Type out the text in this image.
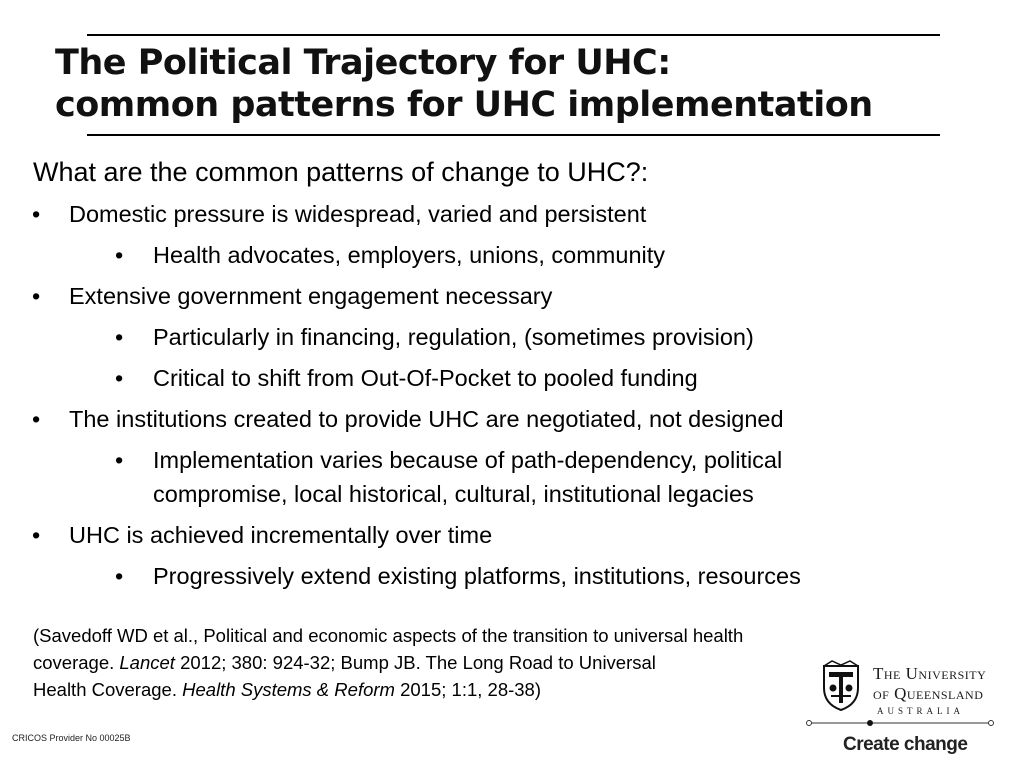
The Political Trajectory for UHC:
common patterns for UHC implementation
What are the common patterns of change to UHC?:
• Domestic pressure is widespread, varied and persistent
• Health advocates, employers, unions, community
• Extensive government engagement necessary
• Particularly in financing, regulation, (sometimes provision)
• Critical to shift from Out-Of-Pocket to pooled funding
• The institutions created to provide UHC are negotiated, not designed
• Implementation varies because of path-dependency, political compromise, local historical, cultural, institutional legacies
• UHC is achieved incrementally over time
• Progressively extend existing platforms, institutions, resources
(Savedoff WD et al., Political and economic aspects of the transition to universal health
coverage. Lancet 2012; 380: 924-32; Bump JB. The Long Road to Universal
Health Coverage. Health Systems & Reform 2015; 1:1, 28-38)
CRICOS Provider No 00025B
The University
of Queensland
AUSTRALIA
Create change
